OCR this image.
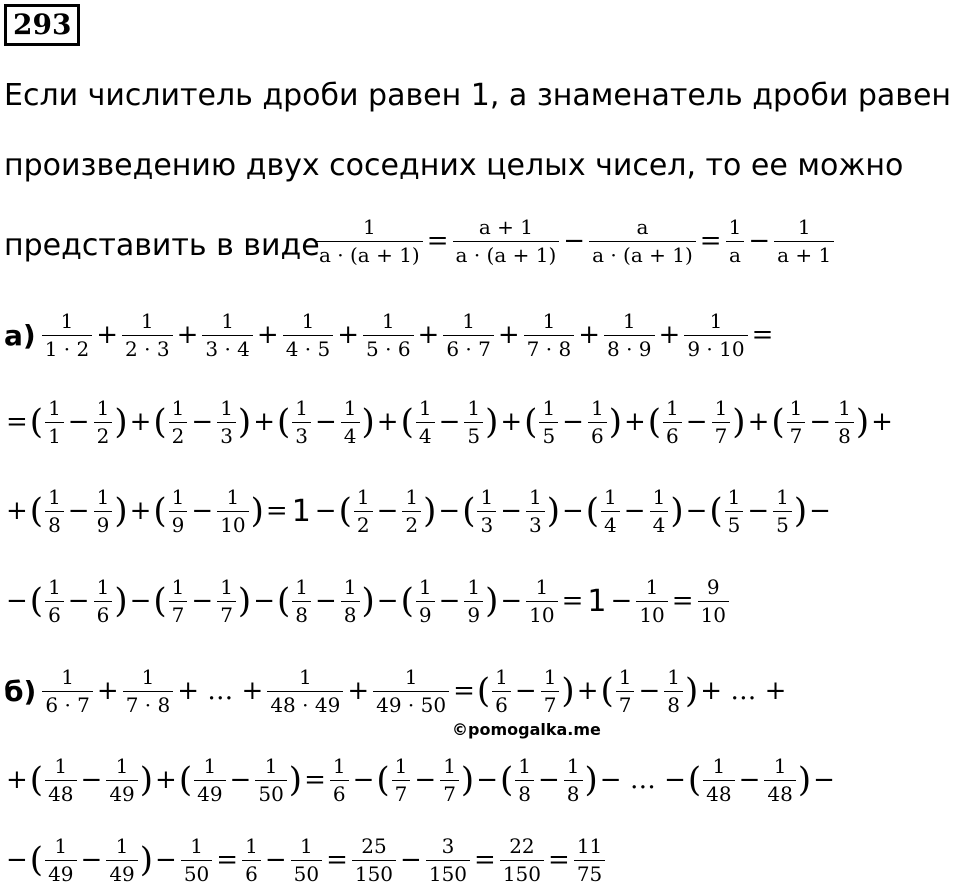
293
Если числитель дроби равен 1, а знаменатель дроби равен
произведению двух соседних целых чисел, то ее можно
представить в виде
$\frac{1}{a \cdot (a + 1)} = \frac{a + 1}{a \cdot (a + 1)} - \frac{a}{a \cdot (a + 1)} = \frac{1}{a} - \frac{1}{a + 1}$
$а) \frac{1}{1 \cdot 2} + \frac{1}{2 \cdot 3} + \frac{1}{3 \cdot 4} + \frac{1}{4 \cdot 5} + \frac{1}{5 \cdot 6} + \frac{1}{6 \cdot 7} + \frac{1}{7 \cdot 8} + \frac{1}{8 \cdot 9} + \frac{1}{9 \cdot 10}$ =
= ( $\frac{1}{1} - \frac{1}{2}$ ) + ( $\frac{1}{2} - \frac{1}{3}$ ) + ( $\frac{1}{3} - \frac{1}{4}$ ) + ( $\frac{1}{4} - \frac{1}{5}$ ) + ( $\frac{1}{5} - \frac{1}{6}$ ) + ( $\frac{1}{6} - \frac{1}{7}$ ) + ( $\frac{1}{7} - \frac{1}{8}$ ) +
+ ( $\frac{1}{8} - \frac{1}{9}$ ) + ( $\frac{1}{9} - \frac{1}{10}$ ) = 1 − ( $\frac{1}{2} - \frac{1}{2}$ ) − ( $\frac{1}{3} - \frac{1}{3}$ ) − ( $\frac{1}{4} - \frac{1}{4}$ ) − ( $\frac{1}{5} - \frac{1}{5}$ ) −
− ( $\frac{1}{6} - \frac{1}{6}$ ) − ( $\frac{1}{7} - \frac{1}{7}$ ) − ( $\frac{1}{8} - \frac{1}{8}$ ) − ( $\frac{1}{9} - \frac{1}{9}$ ) − $\frac{1}{10} = 1 - \frac{1}{10} = \frac{9}{10}$
$б) \frac{1}{6 \cdot 7} + \frac{1}{7 \cdot 8}$ + … + $\frac{1}{48 \cdot 49} + \frac{1}{49 \cdot 50}$ = ( $\frac{1}{6} - \frac{1}{7}$ ) + ( $\frac{1}{7} - \frac{1}{8}$ ) + … +
+ ( $\frac{1}{48} - \frac{1}{49}$ ) + ( $\frac{1}{49} - \frac{1}{50}$ ) = $\frac{1}{6}$ − ( $\frac{1}{7} - \frac{1}{7}$ ) − ( $\frac{1}{8} - \frac{1}{8}$ ) − … − ( $\frac{1}{48} - \frac{1}{48}$ ) −
− ( $\frac{1}{49} - \frac{1}{49}$ ) − $\frac{1}{50} = \frac{1}{6} - \frac{1}{50} = \frac{25}{150} - \frac{3}{150} = \frac{22}{150} = \frac{11}{75}$
©pomogalka.me
